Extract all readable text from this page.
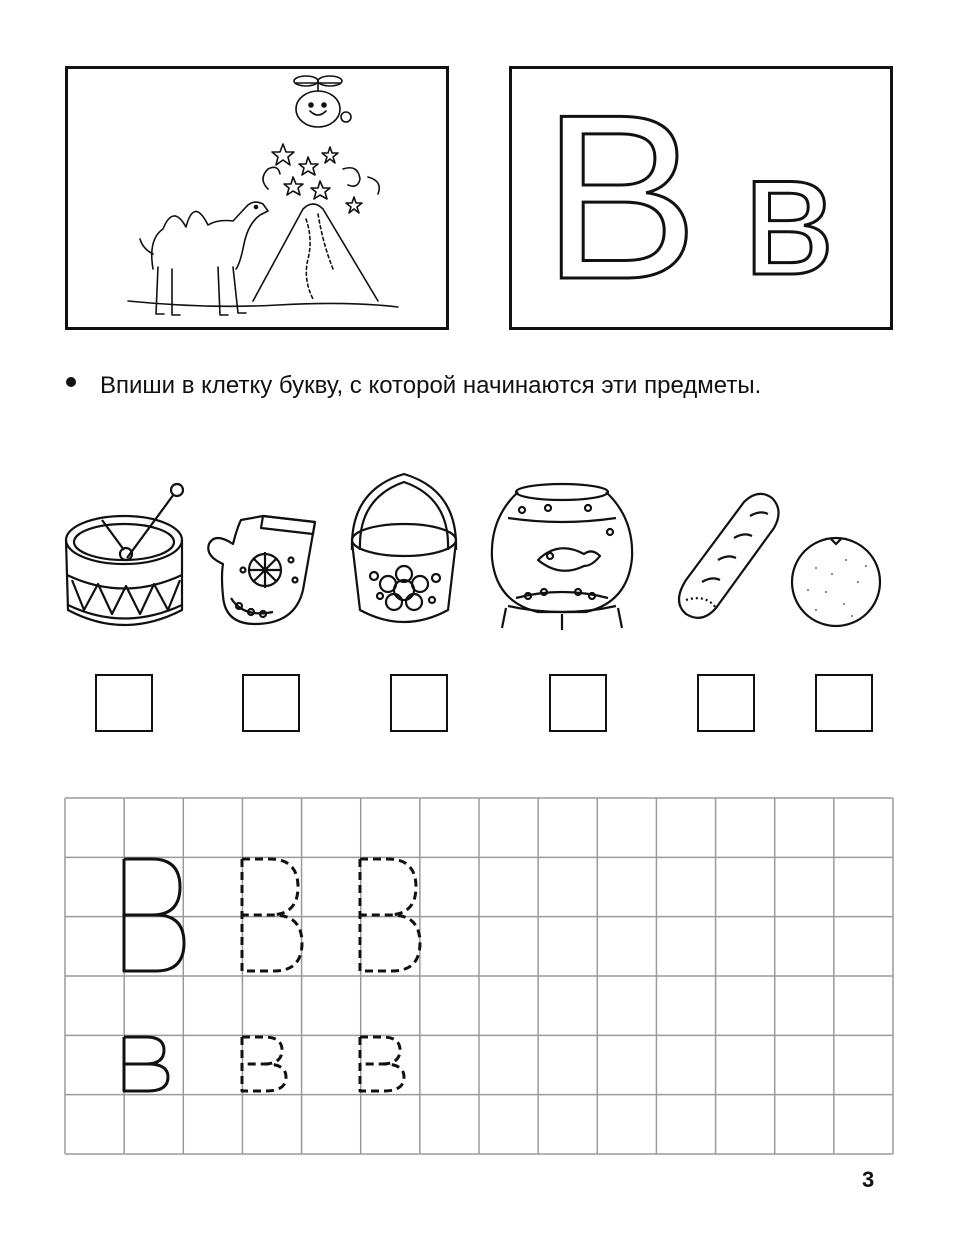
В в
Впиши в клетку букву, с которой начинаются эти предметы.
3
